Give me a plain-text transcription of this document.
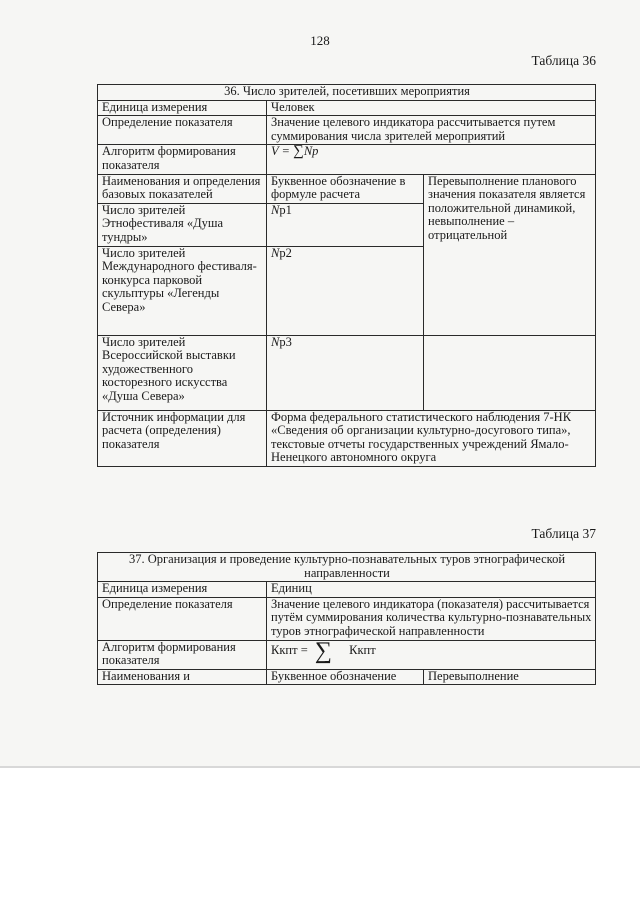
128
Таблица 36
36. Число зрителей, посетивших мероприятия		
Единица измерения	Человек	
Определение показателя	Значение целевого индикатора рассчитывается путем суммирования числа зрителей мероприятий	
Алгоритм формирования показателя	V = ∑Np	
Наименования и определения базовых показателей	Буквенное обозначение в формуле расчета	Перевыполнение планового значения показателя является положительной динамикой, невыполнение – отрицательной
Число зрителей Этнофестиваля «Душа тундры»	Np1	
Число зрителей Международного фестиваля-конкурса парковой скульптуры «Легенды Севера»	Np2	
Число зрителей Всероссийской выставки художественного косторезного искусства «Душа Севера»	Np3	
Источник информации для расчета (определения) показателя	Форма федерального статистического наблюдения 7-НК «Сведения об организации культурно-досугового типа», текстовые отчеты государственных учреждений Ямало-Ненецкого автономного округа	
Таблица 37
37. Организация и проведение культурно-познавательных туров этнографической направленности		
Единица измерения	Единиц	
Определение показателя	Значение целевого индикатора (показателя) рассчитывается путём суммирования количества культурно-познавательных туров этнографической направленности	
Алгоритм формирования показателя	Ккпт = ∑ Ккпт	
Наименования и	Буквенное обозначение	Перевыполнение
